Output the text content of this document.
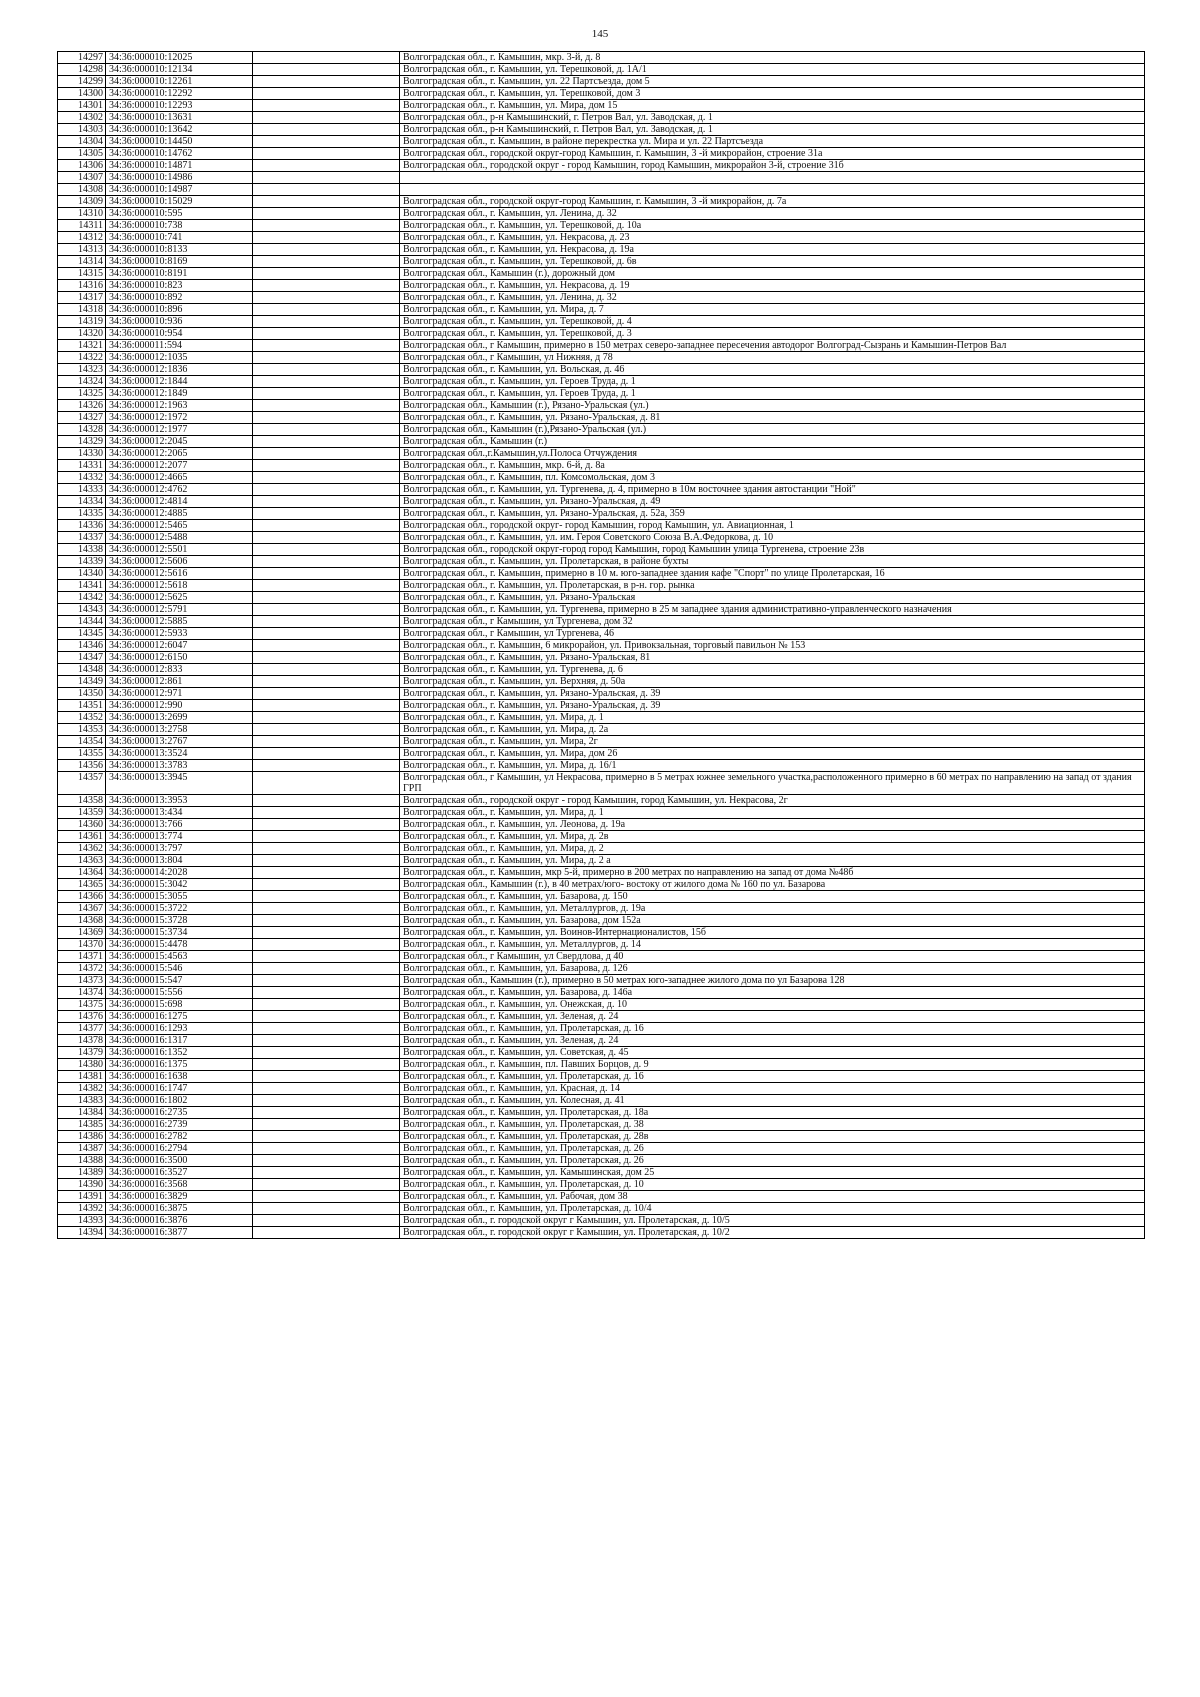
145
14297	34:36:000010:12025		Волгоградская обл., г. Камышин, мкр. 3-й, д. 8
14298	34:36:000010:12134		Волгоградская обл., г. Камышин, ул. Терешковой, д. 1А/1
14299	34:36:000010:12261		Волгоградская обл., г. Камышин, ул. 22 Партсъезда, дом 5
14300	34:36:000010:12292		Волгоградская обл., г. Камышин, ул. Терешковой, дом 3
14301	34:36:000010:12293		Волгоградская обл., г. Камышин, ул. Мира, дом 15
14302	34:36:000010:13631		Волгоградская обл., р-н Камышинский, г. Петров Вал, ул. Заводская, д. 1
14303	34:36:000010:13642		Волгоградская обл., р-н Камышинский, г. Петров Вал, ул. Заводская, д. 1
14304	34:36:000010:14450		Волгоградская обл., г. Камышин, в районе перекрестка ул. Мира и ул. 22 Партсъезда
14305	34:36:000010:14762		Волгоградская обл., городской округ-город Камышин, г. Камышин, 3 -й микрорайон, строение 31а
14306	34:36:000010:14871		Волгоградская обл., городской округ - город Камышин, город Камышин, микрорайон 3-й, строение 31б
14307	34:36:000010:14986		
14308	34:36:000010:14987		
14309	34:36:000010:15029		Волгоградская обл., городской округ-город Камышин, г. Камышин, 3 -й микрорайон, д. 7а
14310	34:36:000010:595		Волгоградская обл., г. Камышин, ул. Ленина, д. 32
14311	34:36:000010:738		Волгоградская обл., г. Камышин, ул. Терешковой, д. 10а
14312	34:36:000010:741		Волгоградская обл., г. Камышин, ул. Некрасова, д. 23
14313	34:36:000010:8133		Волгоградская обл., г. Камышин, ул. Некрасова, д. 19а
14314	34:36:000010:8169		Волгоградская обл., г. Камышин, ул. Терешковой, д. 6в
14315	34:36:000010:8191		Волгоградская обл., Камышин (г.), дорожный дом
14316	34:36:000010:823		Волгоградская обл., г. Камышин, ул. Некрасова, д. 19
14317	34:36:000010:892		Волгоградская обл., г. Камышин, ул. Ленина, д. 32
14318	34:36:000010:896		Волгоградская обл., г. Камышин, ул. Мира, д. 7
14319	34:36:000010:936		Волгоградская обл., г. Камышин, ул. Терешковой, д. 4
14320	34:36:000010:954		Волгоградская обл., г. Камышин, ул. Терешковой, д. 3
14321	34:36:000011:594		Волгоградская обл., г Камышин, примерно в 150 метрах северо-западнее пересечения автодорог Волгоград-Сызрань и Камышин-Петров Вал
14322	34:36:000012:1035		Волгоградская обл., г Камышин, ул Нижняя, д 78
14323	34:36:000012:1836		Волгоградская обл., г. Камышин, ул. Вольская, д. 46
14324	34:36:000012:1844		Волгоградская обл., г. Камышин, ул. Героев Труда, д. 1
14325	34:36:000012:1849		Волгоградская обл., г. Камышин, ул. Героев Труда, д. 1
14326	34:36:000012:1963		Волгоградская обл., Камышин (г.), Рязано-Уральская (ул.)
14327	34:36:000012:1972		Волгоградская обл., г. Камышин, ул. Рязано-Уральская, д. 81
14328	34:36:000012:1977		Волгоградская обл., Камышин (г.),Рязано-Уральская (ул.)
14329	34:36:000012:2045		Волгоградская обл., Камышин (г.)
14330	34:36:000012:2065		Волгоградская обл.,г.Камышин,ул.Полоса Отчуждения
14331	34:36:000012:2077		Волгоградская обл., г. Камышин, мкр. 6-й, д. 8а
14332	34:36:000012:4665		Волгоградская обл., г. Камышин, пл. Комсомольская, дом 3
14333	34:36:000012:4762		Волгоградская обл., г. Камышин, ул. Тургенева, д. 4, примерно в 10м восточнее здания автостанции "Ной"
14334	34:36:000012:4814		Волгоградская обл., г. Камышин, ул. Рязано-Уральская, д. 49
14335	34:36:000012:4885		Волгоградская обл., г. Камышин, ул. Рязано-Уральская, д. 52а, 359
14336	34:36:000012:5465		Волгоградская обл., городской округ- город Камышин, город Камышин, ул. Авиационная, 1
14337	34:36:000012:5488		Волгоградская обл., г. Камышин, ул. им. Героя Советского Союза В.А.Федоркова, д. 10
14338	34:36:000012:5501		Волгоградская обл., городской округ-город город Камышин, город Камышин улица Тургенева, строение 23в
14339	34:36:000012:5606		Волгоградская обл., г. Камышин, ул. Пролетарская, в районе бухты
14340	34:36:000012:5616		Волгоградская обл., г. Камышин, примерно в 10 м. юго-западнее здания кафе "Спорт" по улице Пролетарская, 16
14341	34:36:000012:5618		Волгоградская обл., г. Камышин, ул. Пролетарская, в р-н. гор. рынка
14342	34:36:000012:5625		Волгоградская обл., г. Камышин, ул. Рязано-Уральская
14343	34:36:000012:5791		Волгоградская обл., г. Камышин, ул. Тургенева, примерно в 25 м западнее здания административно-управленческого назначения
14344	34:36:000012:5885		Волгоградская обл., г Камышин, ул Тургенева, дом 32
14345	34:36:000012:5933		Волгоградская обл., г Камышин, ул Тургенева, 46
14346	34:36:000012:6047		Волгоградская обл., г. Камышин, 6 микрорайон, ул. Привокзальная, торговый павильон № 153
14347	34:36:000012:6150		Волгоградская обл., г. Камышин, ул. Рязано-Уральская, 81
14348	34:36:000012:833		Волгоградская обл., г. Камышин, ул. Тургенева, д. 6
14349	34:36:000012:861		Волгоградская обл., г. Камышин, ул. Верхняя, д. 50а
14350	34:36:000012:971		Волгоградская обл., г. Камышин, ул. Рязано-Уральская, д. 39
14351	34:36:000012:990		Волгоградская обл., г. Камышин, ул. Рязано-Уральская, д. 39
14352	34:36:000013:2699		Волгоградская обл., г. Камышин, ул. Мира, д. 1
14353	34:36:000013:2758		Волгоградская обл., г. Камышин, ул. Мира, д. 2а
14354	34:36:000013:2767		Волгоградская обл., г. Камышин, ул. Мира, 2г
14355	34:36:000013:3524		Волгоградская обл., г. Камышин, ул. Мира, дом 26
14356	34:36:000013:3783		Волгоградская обл., г. Камышин, ул. Мира, д. 16/1
14357	34:36:000013:3945		Волгоградская обл., г Камышин, ул Некрасова, примерно в 5 метрах южнее земельного участка,расположенного примерно в 60 метрах по направлению на запад от здания ГРП
14358	34:36:000013:3953		Волгоградская обл., городской округ - город Камышин, город Камышин, ул. Некрасова, 2г
14359	34:36:000013:434		Волгоградская обл., г. Камышин, ул. Мира, д. 1
14360	34:36:000013:766		Волгоградская обл., г. Камышин, ул. Леонова, д. 19а
14361	34:36:000013:774		Волгоградская обл., г. Камышин, ул. Мира, д. 2в
14362	34:36:000013:797		Волгоградская обл., г. Камышин, ул. Мира, д. 2
14363	34:36:000013:804		Волгоградская обл., г. Камышин, ул. Мира, д. 2 а
14364	34:36:000014:2028		Волгоградская обл., г. Камышин, мкр 5-й, примерно в 200 метрах по направлению на запад от дома №48б
14365	34:36:000015:3042		Волгоградская обл., Камышин (г.), в 40 метрах/юго- востоку от жилого дома № 160 по ул. Базарова
14366	34:36:000015:3055		Волгоградская обл., г. Камышин, ул. Базарова, д. 150
14367	34:36:000015:3722		Волгоградская обл., г. Камышин, ул. Металлургов, д. 19а
14368	34:36:000015:3728		Волгоградская обл., г. Камышин, ул. Базарова, дом 152а
14369	34:36:000015:3734		Волгоградская обл., г. Камышин, ул. Воинов-Интернационалистов, 15б
14370	34:36:000015:4478		Волгоградская обл., г. Камышин, ул. Металлургов, д. 14
14371	34:36:000015:4563		Волгоградская обл., г Камышин, ул Свердлова, д 40
14372	34:36:000015:546		Волгоградская обл., г. Камышин, ул. Базарова, д. 126
14373	34:36:000015:547		Волгоградская обл., Камышин (г.), примерно в 50 метрах юго-западнее жилого дома по ул Базарова 128
14374	34:36:000015:556		Волгоградская обл., г. Камышин, ул. Базарова, д. 146а
14375	34:36:000015:698		Волгоградская обл., г. Камышин, ул. Онежская, д. 10
14376	34:36:000016:1275		Волгоградская обл., г. Камышин, ул. Зеленая, д. 24
14377	34:36:000016:1293		Волгоградская обл., г. Камышин, ул. Пролетарская, д. 16
14378	34:36:000016:1317		Волгоградская обл., г. Камышин, ул. Зеленая, д. 24
14379	34:36:000016:1352		Волгоградская обл., г. Камышин, ул. Советская, д. 45
14380	34:36:000016:1375		Волгоградская обл., г. Камышин, пл. Павших Борцов, д. 9
14381	34:36:000016:1638		Волгоградская обл., г. Камышин, ул. Пролетарская, д. 16
14382	34:36:000016:1747		Волгоградская обл., г. Камышин, ул. Красная, д. 14
14383	34:36:000016:1802		Волгоградская обл., г. Камышин, ул. Колесная, д. 41
14384	34:36:000016:2735		Волгоградская обл., г. Камышин, ул. Пролетарская, д. 18а
14385	34:36:000016:2739		Волгоградская обл., г. Камышин, ул. Пролетарская, д. 38
14386	34:36:000016:2782		Волгоградская обл., г. Камышин, ул. Пролетарская, д. 28в
14387	34:36:000016:2794		Волгоградская обл., г. Камышин, ул. Пролетарская, д. 26
14388	34:36:000016:3500		Волгоградская обл., г. Камышин, ул. Пролетарская, д. 26
14389	34:36:000016:3527		Волгоградская обл., г. Камышин, ул. Камышинская, дом 25
14390	34:36:000016:3568		Волгоградская обл., г. Камышин, ул. Пролетарская, д. 10
14391	34:36:000016:3829		Волгоградская обл., г. Камышин, ул. Рабочая, дом 38
14392	34:36:000016:3875		Волгоградская обл., г. Камышин, ул. Пролетарская, д. 10/4
14393	34:36:000016:3876		Волгоградская обл., г. городской округ г Камышин, ул. Пролетарская, д. 10/5
14394	34:36:000016:3877		Волгоградская обл., г. городской округ г Камышин, ул. Пролетарская, д. 10/2
